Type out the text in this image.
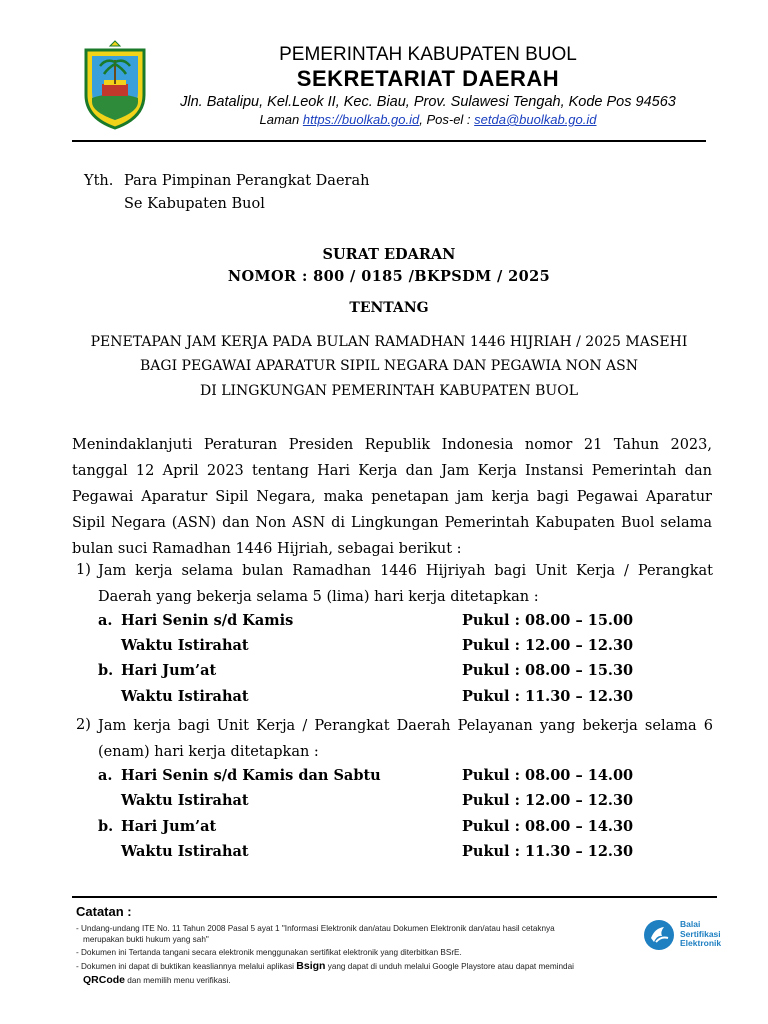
PEMERINTAH KABUPATEN BUOL
SEKRETARIAT DAERAH
Jln. Batalipu, Kel.Leok II, Kec. Biau, Prov. Sulawesi Tengah, Kode Pos 94563
Laman https://buolkab.go.id, Pos-el : setda@buolkab.go.id
Yth. Para Pimpinan Perangkat Daerah
Se Kabupaten Buol
SURAT EDARAN
NOMOR : 800 / 0185 /BKPSDM / 2025
TENTANG
PENETAPAN JAM KERJA PADA BULAN RAMADHAN 1446 HIJRIAH / 2025 MASEHI
BAGI PEGAWAI APARATUR SIPIL NEGARA DAN PEGAWIA NON ASN
DI LINGKUNGAN PEMERINTAH KABUPATEN BUOL
Menindaklanjuti Peraturan Presiden Republik Indonesia nomor 21 Tahun 2023, tanggal 12 April 2023 tentang Hari Kerja dan Jam Kerja Instansi Pemerintah dan Pegawai Aparatur Sipil Negara, maka penetapan jam kerja bagi Pegawai Aparatur Sipil Negara (ASN) dan Non ASN di Lingkungan Pemerintah Kabupaten Buol selama bulan suci Ramadhan 1446 Hijriah, sebagai berikut :
1) Jam kerja selama bulan Ramadhan 1446 Hijriyah bagi Unit Kerja / Perangkat Daerah yang bekerja selama 5 (lima) hari kerja ditetapkan :
a. Hari Senin s/d Kamis	Pukul : 08.00 – 15.00
Waktu Istirahat	Pukul : 12.00 – 12.30
b. Hari Jum’at	Pukul : 08.00 – 15.30
Waktu Istirahat	Pukul : 11.30 – 12.30
2) Jam kerja bagi Unit Kerja / Perangkat Daerah Pelayanan yang bekerja selama 6 (enam) hari kerja ditetapkan :
a. Hari Senin s/d Kamis dan Sabtu	Pukul : 08.00 – 14.00
Waktu Istirahat	Pukul : 12.00 – 12.30
b. Hari Jum’at	Pukul : 08.00 – 14.30
Waktu Istirahat	Pukul : 11.30 – 12.30
Catatan :
- Undang-undang ITE No. 11 Tahun 2008 Pasal 5 ayat 1 "Informasi Elektronik dan/atau Dokumen Elektronik dan/atau hasil cetaknya
merupakan bukti hukum yang sah"
- Dokumen ini Tertanda tangani secara elektronik menggunakan sertifikat elektronik yang diterbitkan BSrE.
- Dokumen ini dapat di buktikan keasliannya melalui aplikasi Bsign yang dapat di unduh melalui Google Playstore atau dapat memindai
QRCode dan memilih menu verifikasi.
Balai
Sertifikasi
Elektronik
